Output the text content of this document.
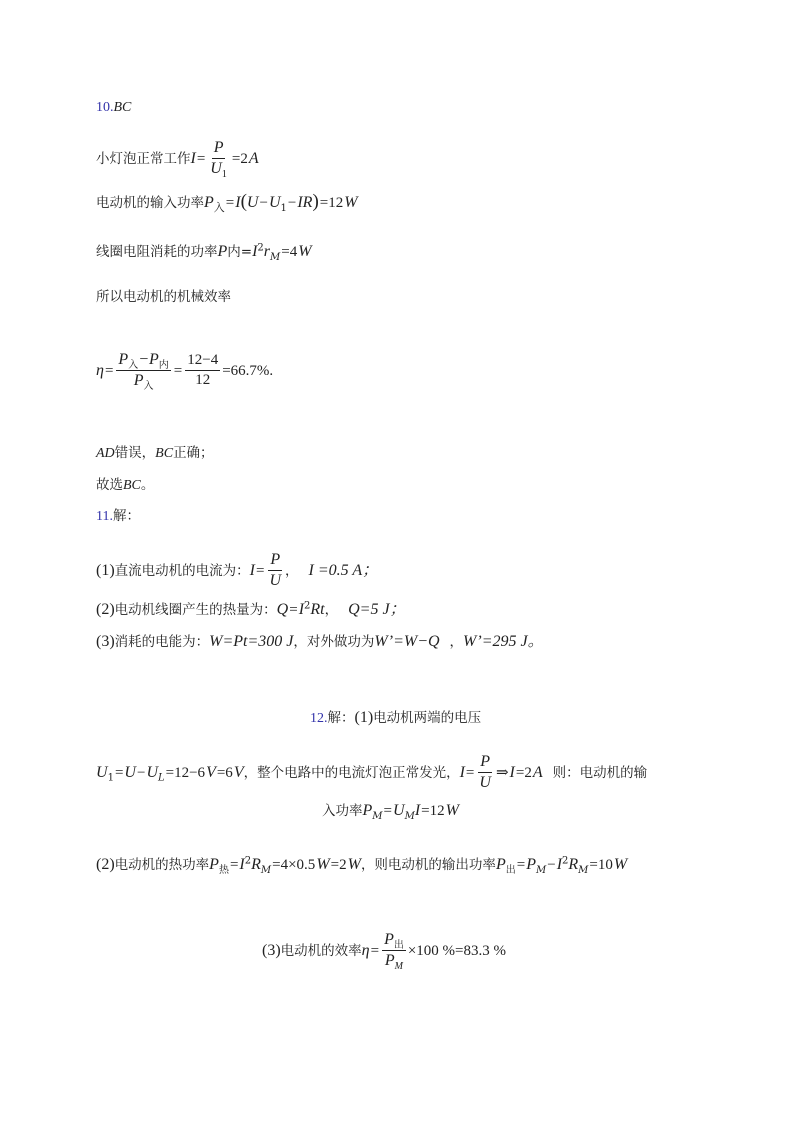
10.BC
小灯泡正常工作$I= \frac{P}{U_1} =2A$
电动机的输入功率$P_入=I(U-U_1-IR)=12W$
线圈电阻消耗的功率P内$=I^2r_M=4W$
所以电动机的机械效率
$\eta= \frac{P_入-P_内}{P_入} = \frac{12-4}{12} =66.7\%$.
AD错误，BC正确；
故选BC。
11.解：
(1)直流电动机的电流为：$I= \frac{P}{U}$ ， I =0.5 A；
(2)电动机线圈产生的热量为：$Q=I^2Rt$， Q=5 J；
(3)消耗的电能为：W=Pt=300 J，对外做功为W’=W−Q ，W’=295 J。
12.解：(1)电动机两端的电压
$U_1=U-U_L=12-6V=6V$，整个电路中的电流灯泡正常发光，$I= \frac{P}{U}$ ⇒I=2A 则：电动机的输
入功率$P_M=U_MI=12W$
(2)电动机的热功率$P_热=I^2R_M=4\times 0.5W=2W$，则电动机的输出功率$P_出=P_M-I^2R_M=10W$
(3)电动机的效率$\eta= \frac{P_出}{P_M} \times 100$ %=83.3 %
